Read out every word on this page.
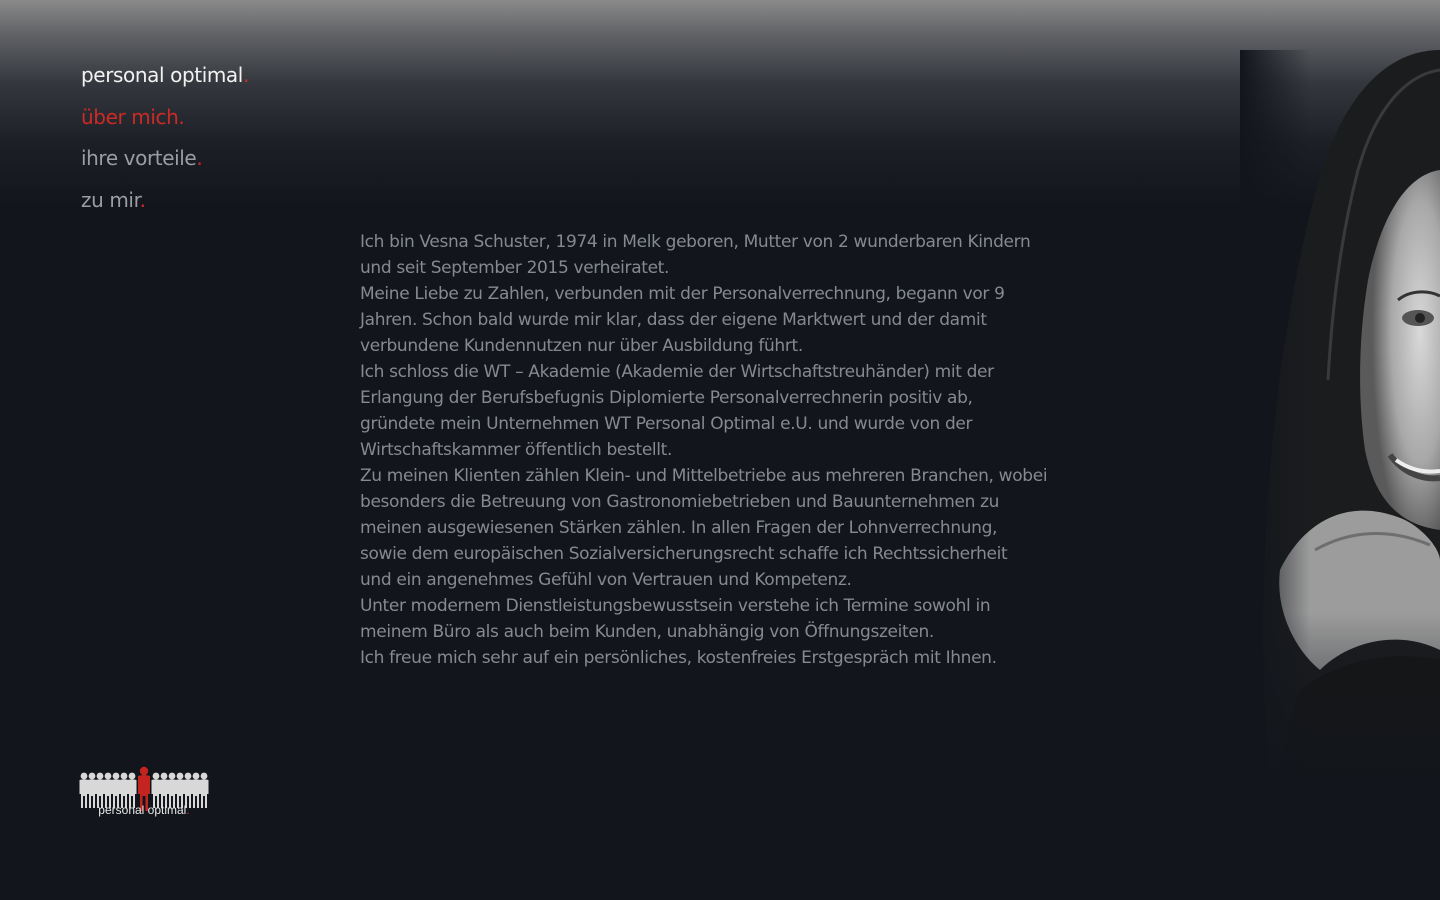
personal optimal.
über mich.
ihre vorteile.
zu mir.

Ich bin Vesna Schuster, 1974 in Melk geboren, Mutter von 2 wunderbaren Kindern

und seit September 2015 verheiratet.

Meine Liebe zu Zahlen, verbunden mit der Personalverrechnung, begann vor 9

Jahren. Schon bald wurde mir klar, dass der eigene Marktwert und der damit

verbundene Kundennutzen nur über Ausbildung führt.

Ich schloss die WT – Akademie (Akademie der Wirtschaftstreuhänder) mit der

Erlangung der Berufsbefugnis Diplomierte Personalverrechnerin positiv ab,

gründete mein Unternehmen WT Personal Optimal e.U. und wurde von der

Wirtschaftskammer öffentlich bestellt.

Zu meinen Klienten zählen Klein- und Mittelbetriebe aus mehreren Branchen, wobei

besonders die Betreuung von Gastronomiebetrieben und Bauunternehmen zu

meinen ausgewiesenen Stärken zählen. In allen Fragen der Lohnverrechnung,

sowie dem europäischen Sozialversicherungsrecht schaffe ich Rechtssicherheit

und ein angenehmes Gefühl von Vertrauen und Kompetenz.

Unter modernem Dienstleistungsbewusstsein verstehe ich Termine sowohl in

meinem Büro als auch beim Kunden, unabhängig von Öffnungszeiten.

Ich freue mich sehr auf ein persönliches, kostenfreies Erstgespräch mit Ihnen.

personal optimal.
